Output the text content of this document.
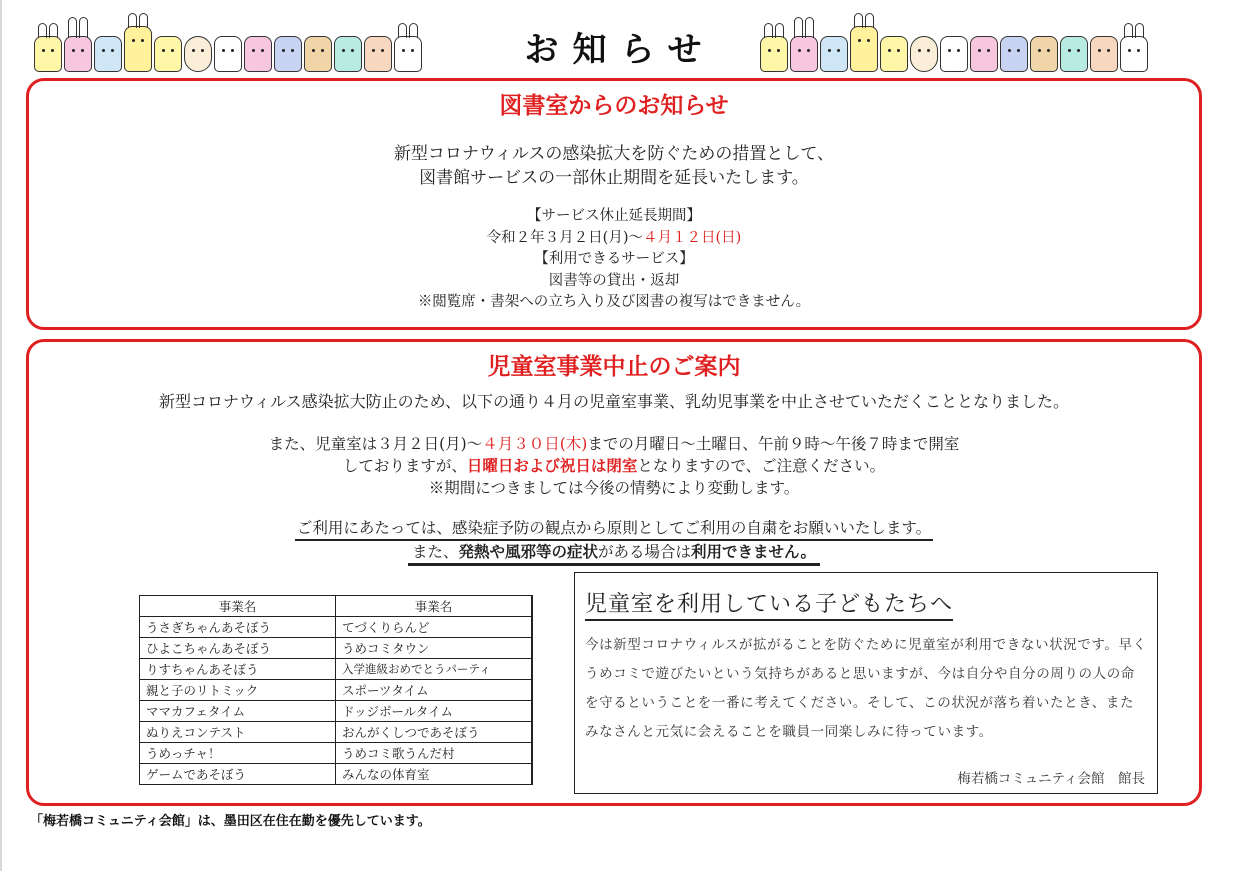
お知らせ
図書室からのお知らせ
新型コロナウィルスの感染拡大を防ぐための措置として、
図書館サービスの一部休止期間を延長いたします。
【サービス休止延長期間】
令和２年３月２日(月)～４月１２日(日)
【利用できるサービス】
図書等の貸出・返却
※閲覧席・書架への立ち入り及び図書の複写はできません。
児童室事業中止のご案内
新型コロナウィルス感染拡大防止のため、以下の通り４月の児童室事業、乳幼児事業を中止させていただくこととなりました。
また、児童室は３月２日(月)～４月３０日(木)までの月曜日～土曜日、午前９時～午後７時まで開室
しておりますが、日曜日および祝日は閉室となりますので、ご注意ください。
※期間につきましては今後の情勢により変動します。
ご利用にあたっては、感染症予防の観点から原則としてご利用の自粛をお願いいたします。
また、発熱や風邪等の症状がある場合は利用できません。
事業名	事業名
うさぎちゃんあそぼう	てづくりらんど
ひよこちゃんあそぼう	うめコミタウン
りすちゃんあそぼう	入学進級おめでとうパーティ
親と子のリトミック	スポーツタイム
ママカフェタイム	ドッジボールタイム
ぬりえコンテスト	おんがくしつであそぼう
うめっチャ！	うめコミ歌うんだ村
ゲームであそぼう	みんなの体育室
児童室を利用している子どもたちへ
今は新型コロナウィルスが拡がることを防ぐために児童室が利用できない状況です。早くうめコミで遊びたいという気持ちがあると思いますが、今は自分や自分の周りの人の命を守るということを一番に考えてください。そして、この状況が落ち着いたとき、またみなさんと元気に会えることを職員一同楽しみに待っています。
梅若橋コミュニティ会館　館長
「梅若橋コミュニティ会館」は、墨田区在住在勤を優先しています。
